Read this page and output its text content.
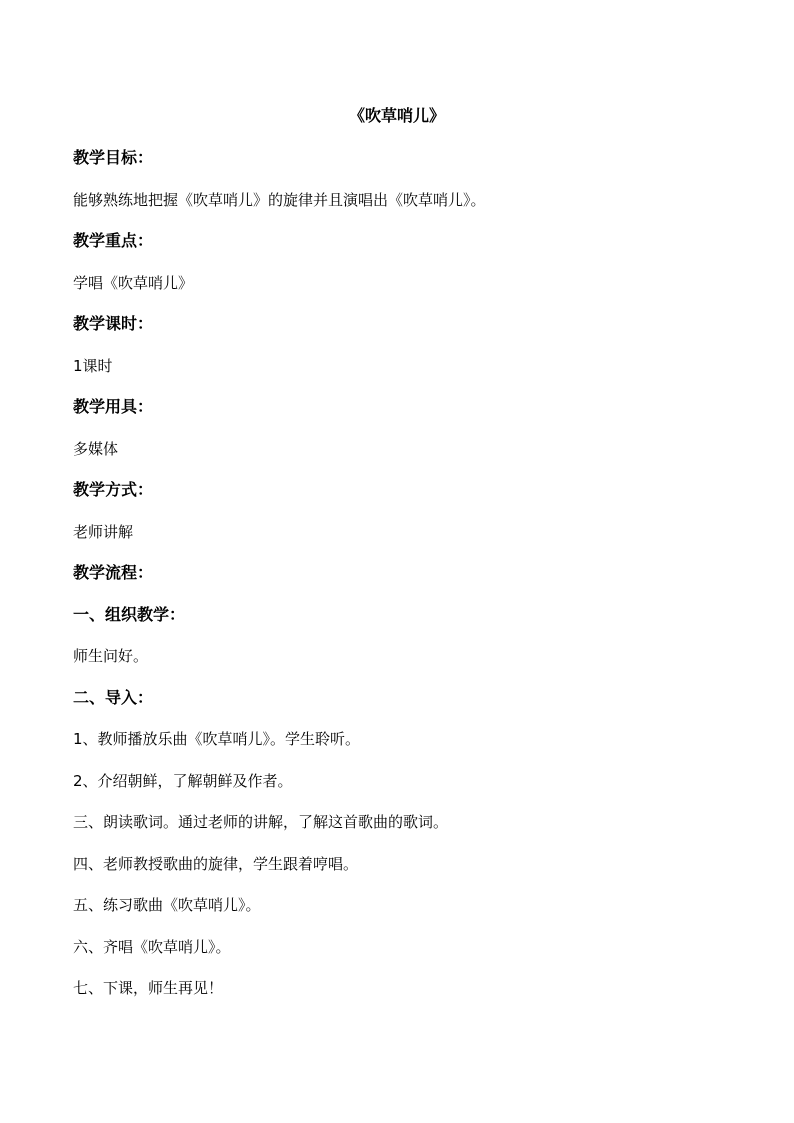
《吹草哨儿》
教学目标：
能够熟练地把握《吹草哨儿》的旋律并且演唱出《吹草哨儿》。
教学重点：
学唱《吹草哨儿》
教学课时：
1课时
教学用具：
多媒体
教学方式：
老师讲解
教学流程：
一、组织教学：
师生问好。
二、导入：
1、教师播放乐曲《吹草哨儿》。学生聆听。
2、介绍朝鲜，了解朝鲜及作者。
三、朗读歌词。通过老师的讲解，了解这首歌曲的歌词。
四、老师教授歌曲的旋律，学生跟着哼唱。
五、练习歌曲《吹草哨儿》。
六、齐唱《吹草哨儿》。
七、下课，师生再见！
